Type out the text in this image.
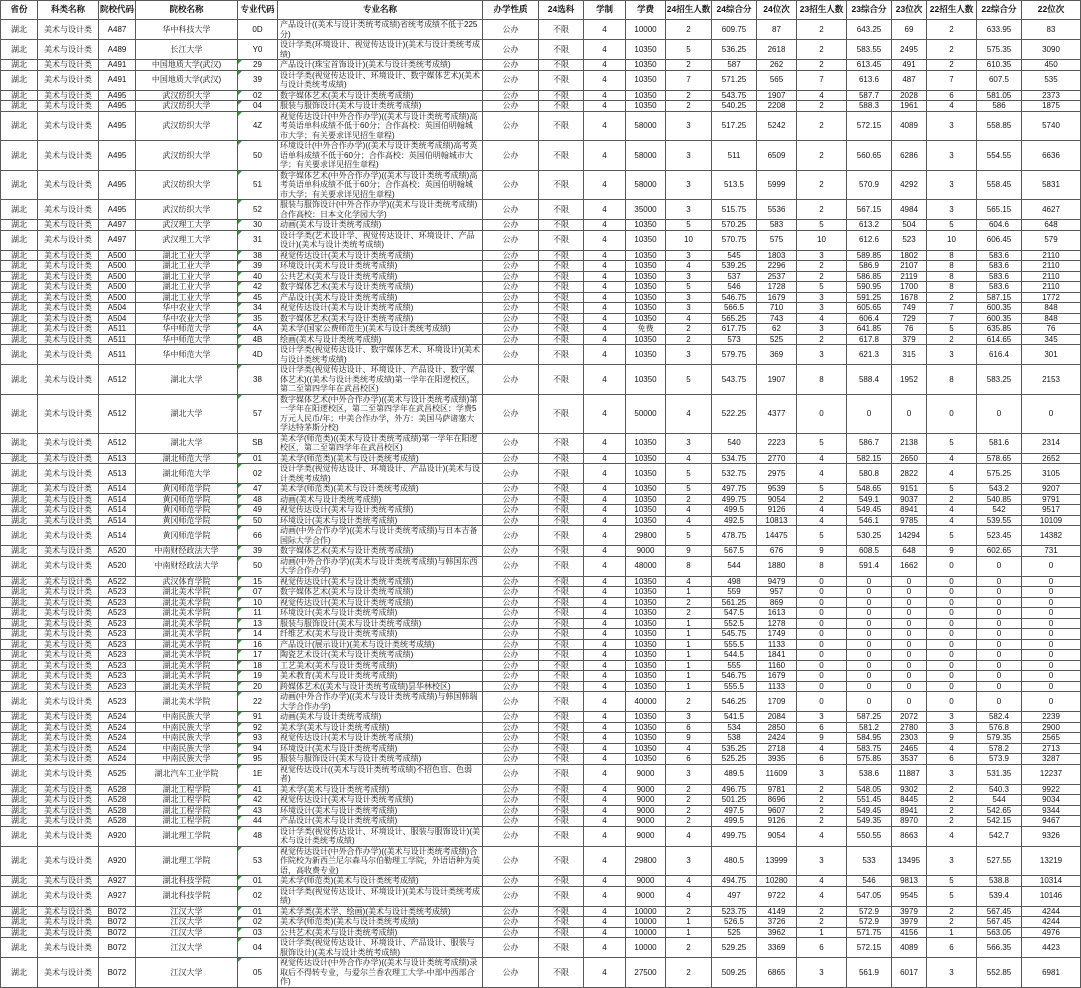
省份	科类名称	院校代码	院校名称	专业代码	专业名称	办学性质	24选科	学制	学费	24招生人数	24综合分	24位次	23招生人数	23综合分	23位次	22招生人数	22综合分	22位次
湖北	美术与设计类	A487	华中科技大学	0D	产品设计((美术与设计类统考成绩)省统考成绩不低于225分)	公办	不限	4	10000	2	609.75	87	2	643.25	69	2	633.95	83
湖北	美术与设计类	A489	长江大学	Y0	设计学类(环境设计、视觉传达设计)(美术与设计类统考成绩)	公办	不限	4	10350	5	536.25	2618	2	583.55	2495	2	575.35	3090
湖北	美术与设计类	A491	中国地质大学(武汉)	29	产品设计(珠宝首饰设计)(美术与设计类统考成绩)	公办	不限	4	10350	2	587	262	2	613.45	491	2	610.35	450
湖北	美术与设计类	A491	中国地质大学(武汉)	39	设计学类(视觉传达设计、环境设计、数字媒体艺术)(美术与设计类统考成绩)	公办	不限	4	10350	7	571.25	565	7	613.6	487	7	607.5	535
湖北	美术与设计类	A495	武汉纺织大学	02	数字媒体艺术(美术与设计类统考成绩)	公办	不限	4	10350	2	543.75	1907	4	587.7	2028	6	581.05	2373
湖北	美术与设计类	A495	武汉纺织大学	04	服装与服饰设计(美术与设计类统考成绩)	公办	不限	4	10350	2	540.25	2208	2	588.3	1961	4	586	1875
湖北	美术与设计类	A495	武汉纺织大学	4Z	视觉传达设计(中外合作办学)((美术与设计类统考成绩)高考英语单科成绩不低于60分；合作高校：英国伯明翰城市大学；有关要求详见招生章程)	公办	不限	4	58000	3	517.25	5242	2	572.15	4089	3	558.85	5740
湖北	美术与设计类	A495	武汉纺织大学	50	环境设计(中外合作办学)((美术与设计类统考成绩)高考英语单科成绩不低于60分；合作高校：英国伯明翰城市大学；有关要求详见招生章程)	公办	不限	4	58000	3	511	6509	2	560.65	6286	3	554.55	6636
湖北	美术与设计类	A495	武汉纺织大学	51	数字媒体艺术(中外合作办学)((美术与设计类统考成绩)高考英语单科成绩不低于60分；合作高校：英国伯明翰城市大学；有关要求详见招生章程)	公办	不限	4	58000	3	513.5	5999	2	570.9	4292	3	558.45	5831
湖北	美术与设计类	A495	武汉纺织大学	52	服装与服饰设计(中外合作办学)((美术与设计类统考成绩)合作高校：日本文化学园大学)	公办	不限	4	35000	3	515.75	5536	2	567.15	4984	3	565.15	4627
湖北	美术与设计类	A497	武汉理工大学	30	动画(美术与设计类统考成绩)	公办	不限	4	10350	5	570.25	583	5	613.2	504	5	604.6	648
湖北	美术与设计类	A497	武汉理工大学	31	设计学类(艺术设计学、视觉传达设计、环境设计、产品设计)(美术与设计类统考成绩)	公办	不限	4	10350	10	570.75	575	10	612.6	523	10	606.45	579
湖北	美术与设计类	A500	湖北工业大学	38	视觉传达设计(美术与设计类统考成绩)	公办	不限	4	10350	3	545	1803	3	589.85	1802	8	583.6	2110
湖北	美术与设计类	A500	湖北工业大学	39	环境设计(美术与设计类统考成绩)	公办	不限	4	10350	4	539.25	2296	2	586.9	2107	8	583.6	2110
湖北	美术与设计类	A500	湖北工业大学	40	公共艺术(美术与设计类统考成绩)	公办	不限	4	10350	3	537	2537	2	586.85	2119	8	583.6	2110
湖北	美术与设计类	A500	湖北工业大学	42	数字媒体艺术(美术与设计类统考成绩)	公办	不限	4	10350	5	546	1728	5	590.95	1700	8	583.6	2110
湖北	美术与设计类	A500	湖北工业大学	45	产品设计(美术与设计类统考成绩)	公办	不限	4	10350	3	546.75	1679	3	591.25	1678	2	587.15	1772
湖北	美术与设计类	A504	华中农业大学	34	视觉传达设计(美术与设计类统考成绩)	公办	不限	4	10350	3	566.5	710	3	605.65	749	7	600.35	848
湖北	美术与设计类	A504	华中农业大学	35	数字媒体艺术(美术与设计类统考成绩)	公办	不限	4	10350	4	565.25	743	4	606.4	729	7	600.35	848
湖北	美术与设计类	A511	华中师范大学	4A	美术学(国家公费师范生)(美术与设计类统考成绩)	公办	不限	4	免费	2	617.75	62	3	641.85	76	5	635.85	76
湖北	美术与设计类	A511	华中师范大学	4B	绘画(美术与设计类统考成绩)	公办	不限	4	10350	2	573	525	2	617.8	379	2	614.65	345
湖北	美术与设计类	A511	华中师范大学	4D	设计学类(视觉传达设计、数字媒体艺术、环境设计)(美术与设计类统考成绩)	公办	不限	4	10350	3	579.75	369	3	621.3	315	3	616.4	301
湖北	美术与设计类	A512	湖北大学	38	设计学类(视觉传达设计、环境设计、产品设计、数字媒体艺术)((美术与设计类统考成绩)第一学年在阳逻校区，第二至第四学年在武昌校区)	公办	不限	4	10350	5	543.75	1907	8	588.4	1952	8	583.25	2153
湖北	美术与设计类	A512	湖北大学	57	数字媒体艺术(中外合作办学)((美术与设计类统考成绩)第一学年在阳逻校区，第二至第四学年在武昌校区；学费5万元人民币/年；中美合作办学，外方：美国马萨诸塞大学达特茅斯分校)	公办	不限	4	50000	4	522.25	4377	0	0	0	0	0	0
湖北	美术与设计类	A512	湖北大学	SB	美术学(师范类)((美术与设计类统考成绩)第一学年在阳逻校区，第二至第四学年在武昌校区)	公办	不限	4	10350	3	540	2223	5	586.7	2138	5	581.6	2314
湖北	美术与设计类	A513	湖北师范大学	01	美术学(师范类)(美术与设计类统考成绩)	公办	不限	4	10350	4	534.75	2770	4	582.15	2650	4	578.65	2652
湖北	美术与设计类	A513	湖北师范大学	02	设计学类(视觉传达设计、环境设计、产品设计)(美术与设计类统考成绩)	公办	不限	4	10350	5	532.75	2975	4	580.8	2822	4	575.25	3105
湖北	美术与设计类	A514	黄冈师范学院	47	美术学(师范类)(美术与设计类统考成绩)	公办	不限	4	10350	5	497.75	9539	5	548.65	9151	5	543.2	9207
湖北	美术与设计类	A514	黄冈师范学院	48	动画(美术与设计类统考成绩)	公办	不限	4	10350	2	499.75	9054	2	549.1	9037	2	540.85	9791
湖北	美术与设计类	A514	黄冈师范学院	49	视觉传达设计(美术与设计类统考成绩)	公办	不限	4	10350	4	499.5	9126	4	549.45	8941	4	542	9517
湖北	美术与设计类	A514	黄冈师范学院	50	环境设计(美术与设计类统考成绩)	公办	不限	4	10350	4	492.5	10813	4	546.1	9785	4	539.55	10109
湖北	美术与设计类	A514	黄冈师范学院	66	动画(中外合作办学)((美术与设计类统考成绩)与日本吉备国际大学合作)	公办	不限	4	29800	5	478.75	14475	5	530.25	14294	5	523.45	14382
湖北	美术与设计类	A520	中南财经政法大学	39	数字媒体艺术(美术与设计类统考成绩)	公办	不限	4	9000	9	567.5	676	9	608.5	648	9	602.65	731
湖北	美术与设计类	A520	中南财经政法大学	50	动画(中外合作办学)((美术与设计类统考成绩)与韩国东西大学合作办学)	公办	不限	4	48000	8	544	1880	8	591.4	1662	0	0	0
湖北	美术与设计类	A522	武汉体育学院	15	视觉传达设计(美术与设计类统考成绩)	公办	不限	4	10350	4	498	9479	0	0	0	0	0	0
湖北	美术与设计类	A523	湖北美术学院	07	数字媒体艺术(美术与设计类统考成绩)	公办	不限	4	10350	1	559	957	0	0	0	0	0	0
湖北	美术与设计类	A523	湖北美术学院	10	视觉传达设计(美术与设计类统考成绩)	公办	不限	4	10350	2	561.25	869	0	0	0	0	0	0
湖北	美术与设计类	A523	湖北美术学院	11	环境设计(美术与设计类统考成绩)	公办	不限	4	10350	2	547.5	1613	0	0	0	0	0	0
湖北	美术与设计类	A523	湖北美术学院	13	服装与服饰设计(美术与设计类统考成绩)	公办	不限	4	10350	1	552.5	1278	0	0	0	0	0	0
湖北	美术与设计类	A523	湖北美术学院	14	纤维艺术(美术与设计类统考成绩)	公办	不限	4	10350	1	545.75	1749	0	0	0	0	0	0
湖北	美术与设计类	A523	湖北美术学院	16	产品设计(展示设计)(美术与设计类统考成绩)	公办	不限	4	10350	1	555.5	1133	0	0	0	0	0	0
湖北	美术与设计类	A523	湖北美术学院	17	陶瓷艺术设计(美术与设计类统考成绩)	公办	不限	4	10350	1	544.5	1841	0	0	0	0	0	0
湖北	美术与设计类	A523	湖北美术学院	18	工艺美术(美术与设计类统考成绩)	公办	不限	4	10350	1	555	1160	0	0	0	0	0	0
湖北	美术与设计类	A523	湖北美术学院	19	美术教育(美术与设计类统考成绩)	公办	不限	4	10350	1	546.75	1679	0	0	0	0	0	0
湖北	美术与设计类	A523	湖北美术学院	20	跨媒体艺术((美术与设计类统考成绩)昙华林校区)	公办	不限	4	10350	1	555.5	1133	0	0	0	0	0	0
湖北	美术与设计类	A523	湖北美术学院	22	动画(中外合作办学)((美术与设计类统考成绩)与韩国韩瑞大学合作办学)	公办	不限	4	40000	2	546.25	1709	0	0	0	0	0	0
湖北	美术与设计类	A524	中南民族大学	91	动画(美术与设计类统考成绩)	公办	不限	4	10350	3	541.5	2084	3	587.25	2072	3	582.4	2239
湖北	美术与设计类	A524	中南民族大学	92	美术学(美术与设计类统考成绩)	公办	不限	4	10350	6	534	2850	6	581.2	2780	3	576.8	2900
湖北	美术与设计类	A524	中南民族大学	93	视觉传达设计(美术与设计类统考成绩)	公办	不限	4	10350	9	538	2424	9	584.95	2303	9	579.35	2565
湖北	美术与设计类	A524	中南民族大学	94	环境设计(美术与设计类统考成绩)	公办	不限	4	10350	4	535.25	2718	4	583.75	2465	4	578.2	2713
湖北	美术与设计类	A524	中南民族大学	95	服装与服饰设计(美术与设计类统考成绩)	公办	不限	4	10350	6	525.25	3935	6	575.85	3537	6	573.9	3287
湖北	美术与设计类	A525	湖北汽车工业学院	1E	视觉传达设计((美术与设计类统考成绩)不招色盲、色弱者)	公办	不限	4	9000	3	489.5	11609	3	538.6	11887	3	531.35	12237
湖北	美术与设计类	A528	湖北工程学院	41	美术学(美术与设计类统考成绩)	公办	不限	4	9000	2	496.75	9781	2	548.05	9302	2	540.3	9922
湖北	美术与设计类	A528	湖北工程学院	42	视觉传达设计(美术与设计类统考成绩)	公办	不限	4	9000	2	501.25	8696	2	551.45	8445	2	544	9034
湖北	美术与设计类	A528	湖北工程学院	43	环境设计(美术与设计类统考成绩)	公办	不限	4	9000	2	497.5	9607	2	549.45	8941	2	542.65	9344
湖北	美术与设计类	A528	湖北工程学院	44	产品设计(美术与设计类统考成绩)	公办	不限	4	9000	2	499.5	9126	2	549.35	8970	2	542.15	9467
湖北	美术与设计类	A920	湖北理工学院	48	设计学类(视觉传达设计、环境设计、服装与服饰设计)(美术与设计类统考成绩)	公办	不限	4	9000	4	499.75	9054	4	550.55	8663	4	542.7	9326
湖北	美术与设计类	A920	湖北理工学院	53	视觉传达设计(中外合作办学)((美术与设计类统考成绩)合作院校为新西兰尼尔森马尔伯勒理工学院，外语语种为英语，高收费专业)	公办	不限	4	29800	3	480.5	13999	3	533	13495	3	527.55	13219
湖北	美术与设计类	A927	湖北科技学院	01	美术学(师范类)(美术与设计类统考成绩)	公办	不限	4	9000	4	494.75	10280	4	546	9813	5	538.8	10314
湖北	美术与设计类	A927	湖北科技学院	02	设计学类(视觉传达设计、环境设计)(美术与设计类统考成绩)	公办	不限	4	9000	4	497	9722	4	547.05	9545	5	539.4	10146
湖北	美术与设计类	B072	江汉大学	01	美术学类(美术学、绘画)(美术与设计类统考成绩)	公办	不限	4	10000	2	523.75	4149	2	572.9	3979	2	567.45	4244
湖北	美术与设计类	B072	江汉大学	02	美术学(师范类)(美术与设计类统考成绩)	公办	不限	4	10000	1	526.5	3726	2	572.9	3979	2	567.45	4244
湖北	美术与设计类	B072	江汉大学	03	公共艺术(美术与设计类统考成绩)	公办	不限	4	10000	1	525	3962	1	571.75	4156	1	563.05	4976
湖北	美术与设计类	B072	江汉大学	04	设计学类(视觉传达设计、环境设计、产品设计、服装与服饰设计)(美术与设计类统考成绩)	公办	不限	4	10000	2	529.25	3369	6	572.15	4089	6	566.35	4423
湖北	美术与设计类	B072	江汉大学	05	视觉传达设计(中外合作办学)((美术与设计类统考成绩)录取后不得转专业，与爱尔兰香农理工大学-中部中西部合作)	公办	不限	4	27500	2	509.25	6865	3	561.9	6017	3	552.85	6981
